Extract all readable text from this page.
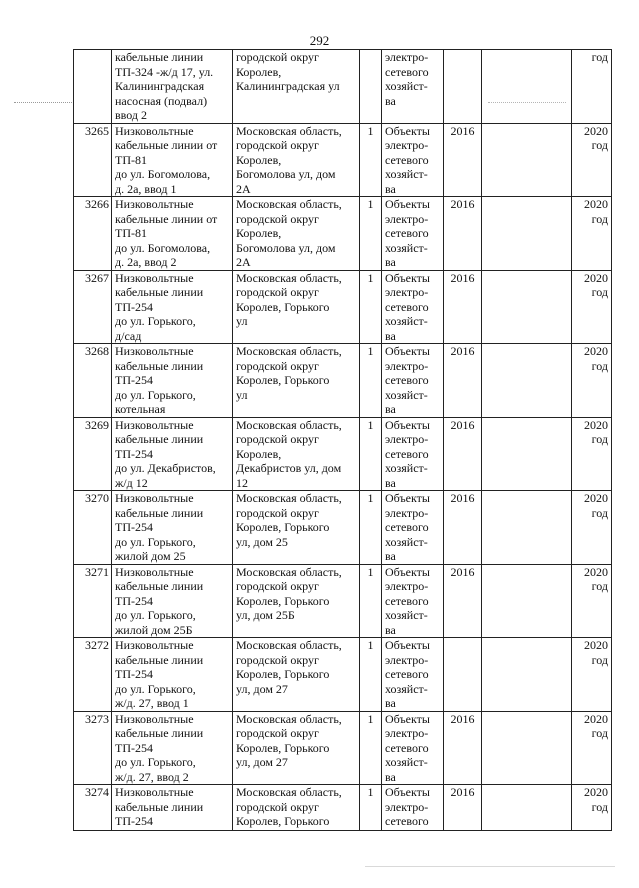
292

	кабельные линии
ТП-324 -ж/д 17, ул.
Калининградская
насосная (подвал)
ввод 2	городской округ
Королев,
Калининградская ул		электро-
сетевого
хозяйст-
ва			год

3265	Низковольтные
кабельные линии от
ТП-81
до ул. Богомолова,
д. 2а, ввод 1	Московская область,
городской округ
Королев,
Богомолова ул, дом
2А	1	Объекты
электро-
сетевого
хозяйст-
ва	2016		2020
год

3266	Низковольтные
кабельные линии от
ТП-81
до ул. Богомолова,
д. 2а, ввод 2	Московская область,
городской округ
Королев,
Богомолова ул, дом
2А	1	Объекты
электро-
сетевого
хозяйст-
ва	2016		2020
год

3267	Низковольтные
кабельные линии
ТП-254
до ул. Горького,
д/сад	Московская область,
городской округ
Королев, Горького
ул	1	Объекты
электро-
сетевого
хозяйст-
ва	2016		2020
год

3268	Низковольтные
кабельные линии
ТП-254
до ул. Горького,
котельная	Московская область,
городской округ
Королев, Горького
ул	1	Объекты
электро-
сетевого
хозяйст-
ва	2016		2020
год

3269	Низковольтные
кабельные линии
ТП-254
до ул. Декабристов,
ж/д 12	Московская область,
городской округ
Королев,
Декабристов ул, дом
12	1	Объекты
электро-
сетевого
хозяйст-
ва	2016		2020
год

3270	Низковольтные
кабельные линии
ТП-254
до ул. Горького,
жилой дом 25	Московская область,
городской округ
Королев, Горького
ул, дом 25	1	Объекты
электро-
сетевого
хозяйст-
ва	2016		2020
год

3271	Низковольтные
кабельные линии
ТП-254
до ул. Горького,
жилой дом 25Б	Московская область,
городской округ
Королев, Горького
ул, дом 25Б	1	Объекты
электро-
сетевого
хозяйст-
ва	2016		2020
год

3272	Низковольтные
кабельные линии
ТП-254
до ул. Горького,
ж/д. 27, ввод 1	Московская область,
городской округ
Королев, Горького
ул, дом 27	1	Объекты
электро-
сетевого
хозяйст-
ва			2020
год

3273	Низковольтные
кабельные линии
ТП-254
до ул. Горького,
ж/д. 27, ввод 2	Московская область,
городской округ
Королев, Горького
ул, дом 27	1	Объекты
электро-
сетевого
хозяйст-
ва	2016		2020
год

3274	Низковольтные
кабельные линии
ТП-254	Московская область,
городской округ
Королев, Горького	1	Объекты
электро-
сетевого	2016		2020
год
